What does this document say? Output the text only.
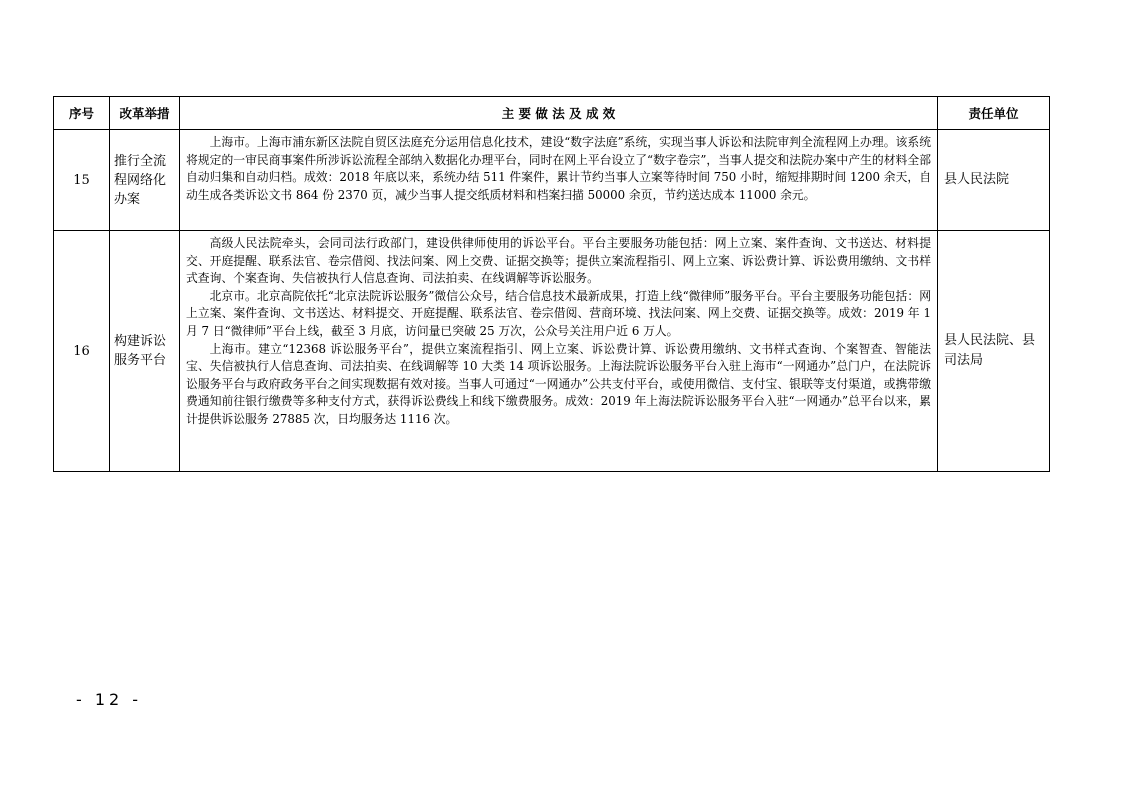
序号	改革举措	主 要 做 法 及 成 效	责任单位
15	推行全流程网络化办案	上海市。上海市浦东新区法院自贸区法庭充分运用信息化技术，建设“数字法庭”系统，实现当事人诉讼和法院审判全流程网上办理。该系统将规定的一审民商事案件所涉诉讼流程全部纳入数据化办理平台，同时在网上平台设立了“数字卷宗”，当事人提交和法院办案中产生的材料全部自动归集和自动归档。成效：2018 年底以来，系统办结 511 件案件，累计节约当事人立案等待时间 750 小时，缩短排期时间 1200 余天，自动生成各类诉讼文书 864 份 2370 页，减少当事人提交纸质材料和档案扫描 50000 余页，节约送达成本 11000 余元。	县人民法院
16	构建诉讼服务平台	高级人民法院牵头，会同司法行政部门，建设供律师使用的诉讼平台。平台主要服务功能包括：网上立案、案件查询、文书送达、材料提交、开庭提醒、联系法官、卷宗借阅、找法问案、网上交费、证据交换等；提供立案流程指引、网上立案、诉讼费计算、诉讼费用缴纳、文书样式查询、个案查询、失信被执行人信息查询、司法拍卖、在线调解等诉讼服务。

北京市。北京高院依托“北京法院诉讼服务”微信公众号，结合信息技术最新成果，打造上线“微律师”服务平台。平台主要服务功能包括：网上立案、案件查询、文书送达、材料提交、开庭提醒、联系法官、卷宗借阅、营商环境、找法问案、网上交费、证据交换等。成效：2019 年 1 月 7 日“微律师”平台上线，截至 3 月底，访问量已突破 25 万次，公众号关注用户近 6 万人。

上海市。建立“12368 诉讼服务平台”，提供立案流程指引、网上立案、诉讼费计算、诉讼费用缴纳、文书样式查询、个案智查、智能法宝、失信被执行人信息查询、司法拍卖、在线调解等 10 大类 14 项诉讼服务。上海法院诉讼服务平台入驻上海市“一网通办”总门户，在法院诉讼服务平台与政府政务平台之间实现数据有效对接。当事人可通过“一网通办”公共支付平台，或使用微信、支付宝、银联等支付渠道，或携带缴费通知前往银行缴费等多种支付方式，获得诉讼费线上和线下缴费服务。成效：2019 年上海法院诉讼服务平台入驻“一网通办”总平台以来，累计提供诉讼服务 27885 次，日均服务达 1116 次。	县人民法院、县司法局
- 12 -
